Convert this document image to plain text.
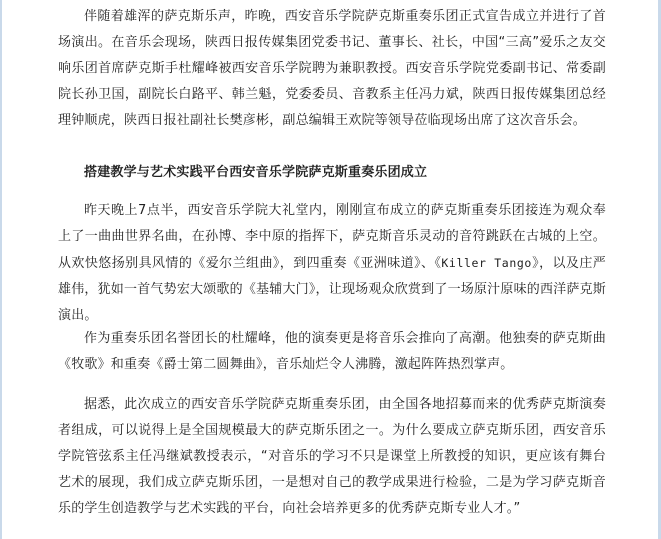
伴随着雄浑的萨克斯乐声，昨晚，西安音乐学院萨克斯重奏乐团正式宣告成立并进行了首场演出。在音乐会现场，陕西日报传媒集团党委书记、董事长、社长，中国“三高”爱乐之友交响乐团首席萨克斯手杜耀峰被西安音乐学院聘为兼职教授。西安音乐学院党委副书记、常委副院长孙卫国，副院长白路平、韩兰魁，党委委员、音教系主任冯力斌，陕西日报传媒集团总经理钟顺虎，陕西日报社副社长樊彦彬，副总编辑王欢院等领导莅临现场出席了这次音乐会。

搭建教学与艺术实践平台西安音乐学院萨克斯重奏乐团成立

昨天晚上7点半，西安音乐学院大礼堂内，刚刚宣布成立的萨克斯重奏乐团接连为观众奉上了一曲曲世界名曲，在孙博、李中原的指挥下，萨克斯音乐灵动的音符跳跃在古城的上空。从欢快悠扬别具风情的《爱尔兰组曲》，到四重奏《亚洲味道》、《Killer Tango》，以及庄严雄伟，犹如一首气势宏大颂歌的《基辅大门》，让现场观众欣赏到了一场原汁原味的西洋萨克斯演出。

作为重奏乐团名誉团长的杜耀峰，他的演奏更是将音乐会推向了高潮。他独奏的萨克斯曲《牧歌》和重奏《爵士第二圆舞曲》，音乐灿烂令人沸腾，激起阵阵热烈掌声。

据悉，此次成立的西安音乐学院萨克斯重奏乐团，由全国各地招募而来的优秀萨克斯演奏者组成，可以说得上是全国规模最大的萨克斯乐团之一。为什么要成立萨克斯乐团，西安音乐学院管弦系主任冯继斌教授表示，“对音乐的学习不只是课堂上所教授的知识，更应该有舞台艺术的展现，我们成立萨克斯乐团，一是想对自己的教学成果进行检验，二是为学习萨克斯音乐的学生创造教学与艺术实践的平台，向社会培养更多的优秀萨克斯专业人才。”
